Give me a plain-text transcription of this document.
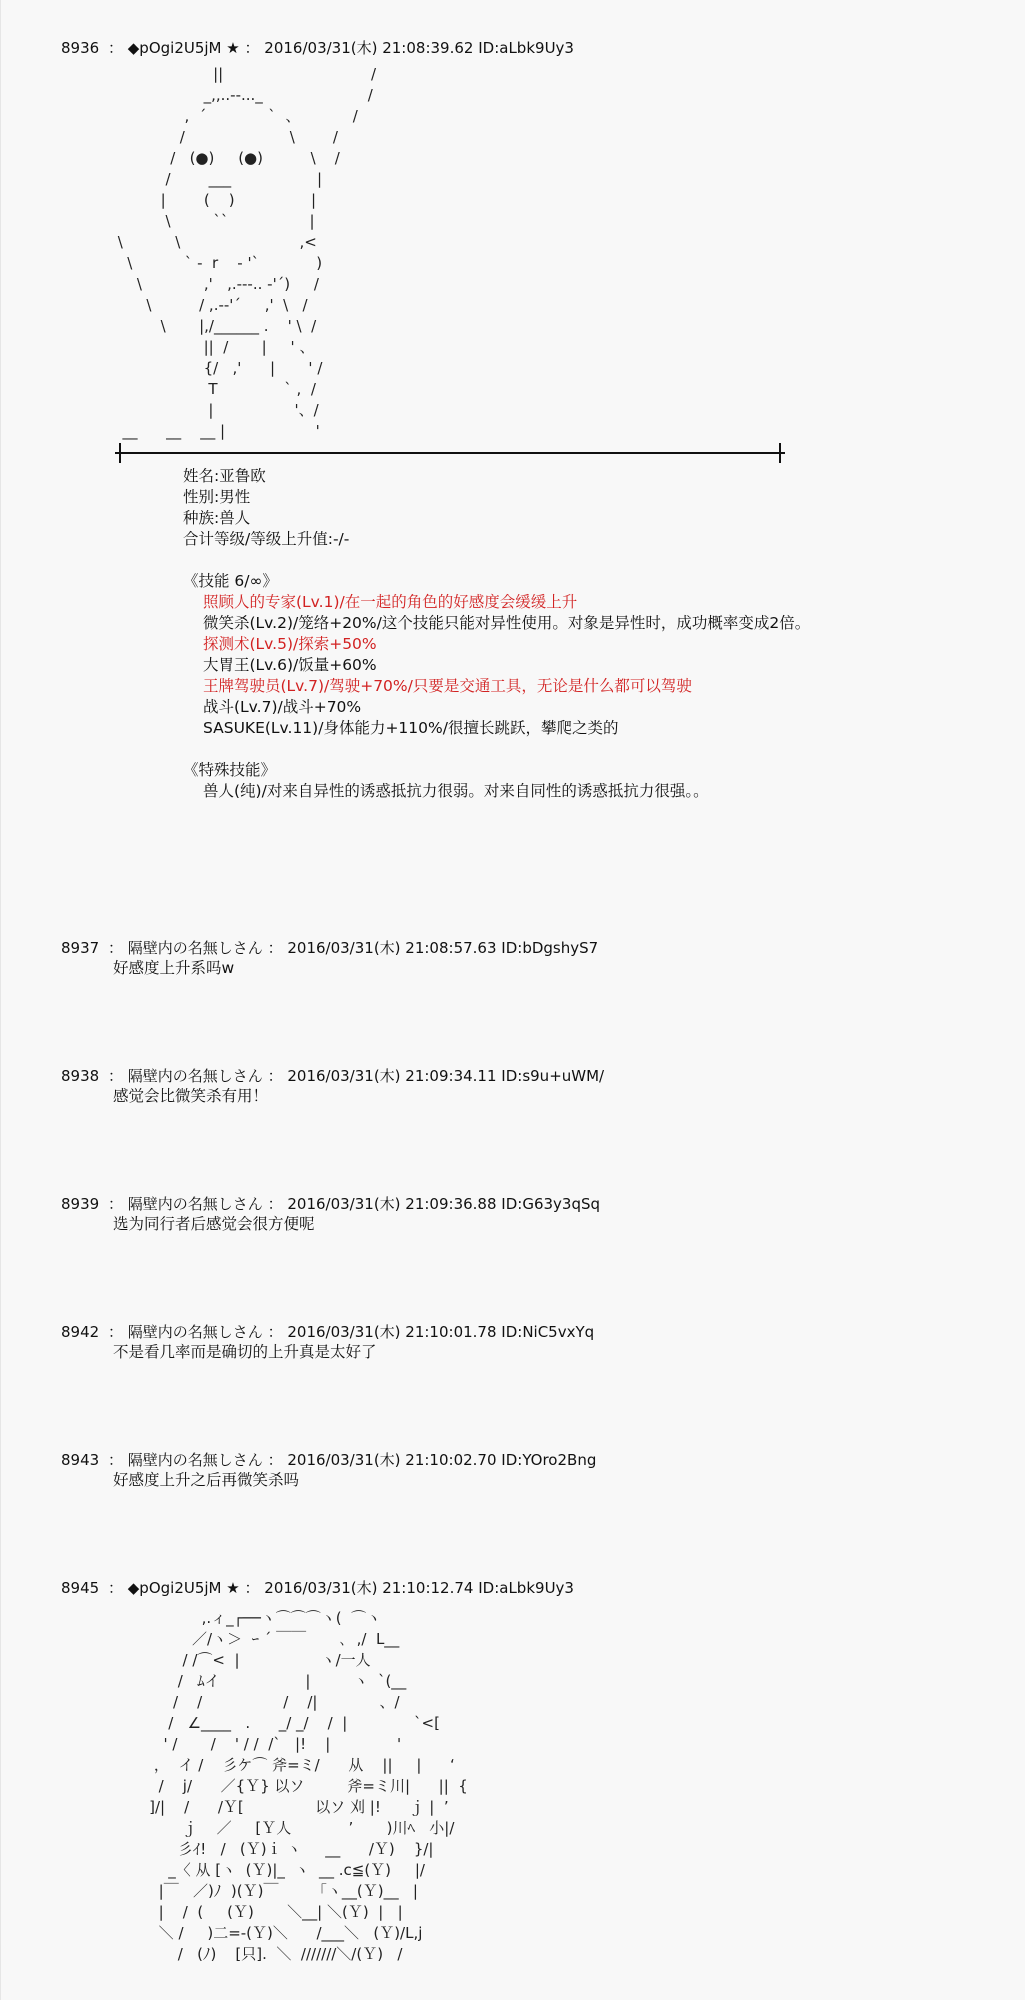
8936 ： ◆pOgi2U5jM ★ ： 2016/03/31(木) 21:08:39.62 ID:aLbk9Uy3
||                               /
_,,..--..._                      /
,  ´             `  、           /
/                      \        /
/   (●)     (●)          \    /
/        ___                  |
|        (    )                |
\         ``                 |
\           \                         ,<
\           ` -  r    - '`            )
\             ,'   ,.---.. -'´)     /
\          / ,.--'´     ,'  \   /
\       |,/______ .    ' \  /
||  /       |     ' 、
{/   ,'      |       ' /
T              ` ,  /
|                 '、/
__      __    __ |                   '
姓名:亚鲁欧
性别:男性
种族:兽人
合计等级/等级上升值:-/-
《技能 6/∞》
照顾人的专家(Lv.1)/在一起的角色的好感度会缓缓上升
微笑杀(Lv.2)/笼络+20%/这个技能只能对异性使用。对象是异性时，成功概率变成2倍。
探测术(Lv.5)/探索+50%
大胃王(Lv.6)/饭量+60%
王牌驾驶员(Lv.7)/驾驶+70%/只要是交通工具，无论是什么都可以驾驶
战斗(Lv.7)/战斗+70%
SASUKE(Lv.11)/身体能力+110%/很擅长跳跃，攀爬之类的
《特殊技能》
兽人(纯)/对来自异性的诱惑抵抗力很弱。对来自同性的诱惑抵抗力很强。。
8937 ： 隔壁内の名無しさん ： 2016/03/31(木) 21:08:57.63 ID:bDgshyS7
好感度上升系吗w
8938 ： 隔壁内の名無しさん ： 2016/03/31(木) 21:09:34.11 ID:s9u+uWM/
感觉会比微笑杀有用！
8939 ： 隔壁内の名無しさん ： 2016/03/31(木) 21:09:36.88 ID:G63y3qSq
选为同行者后感觉会很方便呢
8942 ： 隔壁内の名無しさん ： 2016/03/31(木) 21:10:01.78 ID:NiC5vxYq
不是看几率而是确切的上升真是太好了
8943 ： 隔壁内の名無しさん ： 2016/03/31(木) 21:10:02.70 ID:YOro2Bng
好感度上升之后再微笑杀吗
8945 ： ◆pOgi2U5jM ★ ： 2016/03/31(木) 21:10:12.74 ID:aLbk9Uy3
,.ィ_┌──ヽ⌒⌒⌒ヽ(  ⌒ヽ
／/ヽ＞  ｰ ´ ￣￣       ､  ,/  L__
/ /⌒<  |                 ヽ/一人
/   ﾑイ                  |         ヽ  `(__
/    /                 /    /|             、/
/   ∠____   .      _/ _/    /  |              `<[
' /       /    ' / /  /`   |!    |              '
，  イ /    彡ケ⌒ 斧=ミ/      从    ||     |      ‘
/    j/      ／{Ｙ} 以ソ         斧=ミ川|      ||  {
]/|    /      /Ｙ[               以ソ 刈 |!      ｊ |  ’
ｊ    ／     [Ｙ人            ’       )川ﾍ   小|/
彡ｲ!   /   (Ｙ)ｉ ヽ     __      /Ｙ)    }/|
_〈 从 [ヽ  (Ｙ)|_  ヽ  __ .c≦(Ｙ)     |/
|￣   ／)ﾉ  )(Ｙ)￣       「ヽ__(Ｙ)__   |
|    /  (     (Ｙ)       ＼__| ＼(Ｙ)  |   |
＼ /     )二=-(Ｙ)＼      /___＼   (Ｙ)/L,j
/   (ﾉ)    [只].  ＼  ///////＼/(Ｙ)   /
